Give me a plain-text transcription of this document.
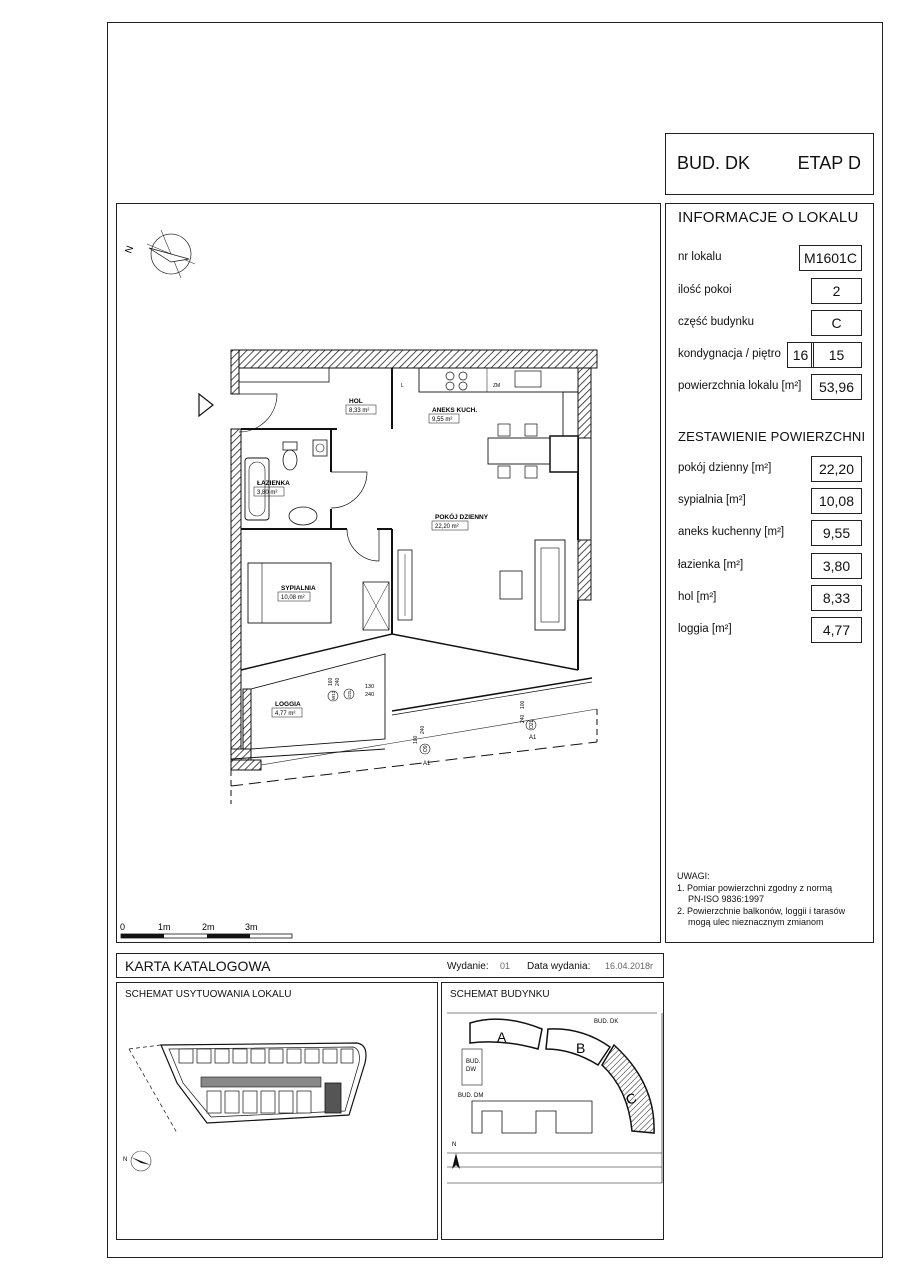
BUD. DK	ETAP D
INFORMACJE O LOKALU
nr lokalu	M1601C
ilość pokoi	2
część budynku	C
kondygnacja / piętro 16	15
powierzchnia lokalu [m²]	53,96
ZESTAWIENIE POWIERZCHNI
pokój dzienny [m²]	22,20
sypialnia [m²]	10,08
aneks kuchenny [m²]	9,55
łazienka [m²]	3,80
hol [m²]	8,33
loggia [m²]	4,77
UWAGI:
1. Pomiar powierzchni zgodny z normą
PN-ISO 9836:1997
2. Powierzchnie balkonów, loggii i tarasów
mogą ulec nieznacznym zmianom
N
L	ZM
HOL
8,33 m²	ANEKS KUCH.
9,55 m²
ŁAZIENKA
3,80 m²
POKÓJ DZIENNY
22,20 m²
SYPIALNIA
10,08 m²
LOGGIA
4,77 m²
130
240
160 240
100
240
100
240
O9
A1
O2L
A1
W12 O2L
0	1m	2m	3m
KARTA KATALOGOWA	Wydanie: 01 Data wydania: 16.04.2018r
SCHEMAT USYTUOWANIA LOKALU
N
SCHEMAT BUDYNKU
A
B
C
BUD. DK
BUD.
DW
BUD. DM
N
